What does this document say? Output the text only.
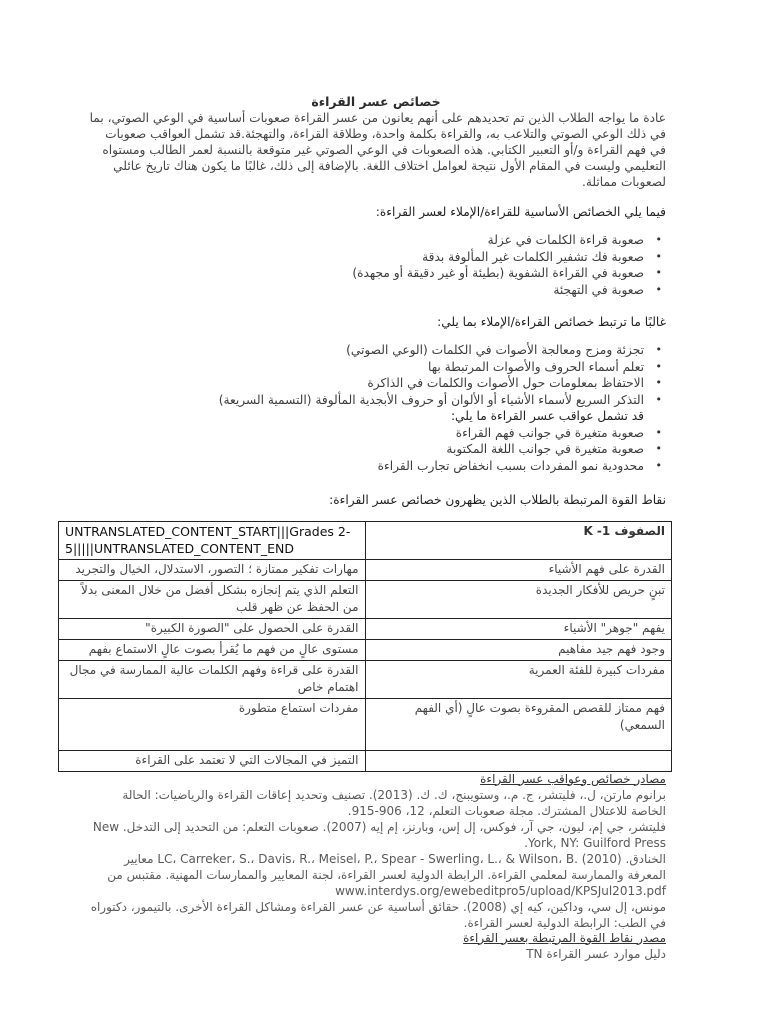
خصائص عسر القراءة

عادة ما يواجه الطلاب الذين تم تحديدهم على أنهم يعانون من عسر القراءة صعوبات أساسية في الوعي الصوتي، بما في ذلك الوعي الصوتي والتلاعب به، والقراءة بكلمة واحدة، وطلاقة القراءة، والتهجئة.قد تشمل العواقب صعوبات في فهم القراءة و/أو التعبير الكتابي. هذه الصعوبات في الوعي الصوتي غير متوقعة بالنسبة لعمر الطالب ومستواه التعليمي وليست في المقام الأول نتيجة لعوامل اختلاف اللغة. بالإضافة إلى ذلك، غالبًا ما يكون هناك تاريخ عائلي لصعوبات مماثلة.

فيما يلي الخصائص الأساسية للقراءة/الإملاء لعسر القراءة:

• صعوبة قراءة الكلمات في عزلة
• صعوبة فك تشفير الكلمات غير المألوفة بدقة
• صعوبة في القراءة الشفوية (بطيئة أو غير دقيقة أو مجهدة)
• صعوبة في التهجئة

غالبًا ما ترتبط خصائص القراءة/الإملاء بما يلي:

• تجزئة ومزج ومعالجة الأصوات في الكلمات (الوعي الصوتي)
• تعلم أسماء الحروف والأصوات المرتبطة بها
• الاحتفاظ بمعلومات حول الأصوات والكلمات في الذاكرة
• التذكر السريع لأسماء الأشياء أو الألوان أو حروف الأبجدية المألوفة (التسمية السريعة)

قد تشمل عواقب عسر القراءة ما يلي:

• صعوبة متغيرة في جوانب فهم القراءة
• صعوبة متغيرة في جوانب اللغة المكتوبة
• محدودية نمو المفردات بسبب انخفاض تجارب القراءة

نقاط القوة المرتبطة بالطلاب الذين يظهرون خصائص عسر القراءة:

الصفوف K -1	UNTRANSLATED_CONTENT_START|||Grades 2-5|||||UNTRANSLATED_CONTENT_END
القدرة على فهم الأشياء	مهارات تفكير ممتازة ؛ التصور، الاستدلال، الخيال والتجريد
تبنٍ حريص للأفكار الجديدة	التعلم الذي يتم إنجازه بشكل أفضل من خلال المعنى بدلاً من الحفظ عن ظهر قلب
يفهم "جوهر" الأشياء	القدرة على الحصول على "الصورة الكبيرة"
وجود فهم جيد مفاهيم	مستوى عالٍ من فهم ما يُقرأ بصوت عالٍ الاستماع بفهم
مفردات كبيرة للفئة العمرية	القدرة على قراءة وفهم الكلمات عالية الممارسة في مجال اهتمام خاص
فهم ممتاز للقصص المقروءة بصوت عالٍ (أي الفهم السمعي)	مفردات استماع متطورة
	التميز في المجالات التي لا تعتمد على القراءة

مصادر خصائص وعواقب عسر القراءة

برانوم مارتن، ل.، فليتشر، ج. م.، وستويبنج، ك. ك. (2013). تصنيف وتحديد إعاقات القراءة والرياضيات: الحالة الخاصة للاعتلال المشترك. مجلة صعوبات التعلم، 12، 906-915.

فليتشر، جي إم، ليون، جي آر، فوكس، إل إس، وبارنز، إم إيه (2007). صعوبات التعلم: من التحديد إلى التدخل. New York, NY: Guilford Press.

الخنادق. LC، Carreker، S.، Davis، R.، Meisel، P.، Spear - Swerling، L.، & Wilson، B. (2010) معايير المعرفة والممارسة لمعلمي القراءة. الرابطة الدولية لعسر القراءة، لجنة المعايير والممارسات المهنية. مقتبس من www.interdys.org/ewebeditpro5/upload/KPSJul2013.pdf

مونس، إل سي، وداكين، كيه إي (2008). حقائق أساسية عن عسر القراءة ومشاكل القراءة الأخرى. بالتيمور، دكتوراه في الطب: الرابطة الدولية لعسر القراءة.

مصدر نقاط القوة المرتبطة بعسر القراءة

دليل موارد عسر القراءة TN
